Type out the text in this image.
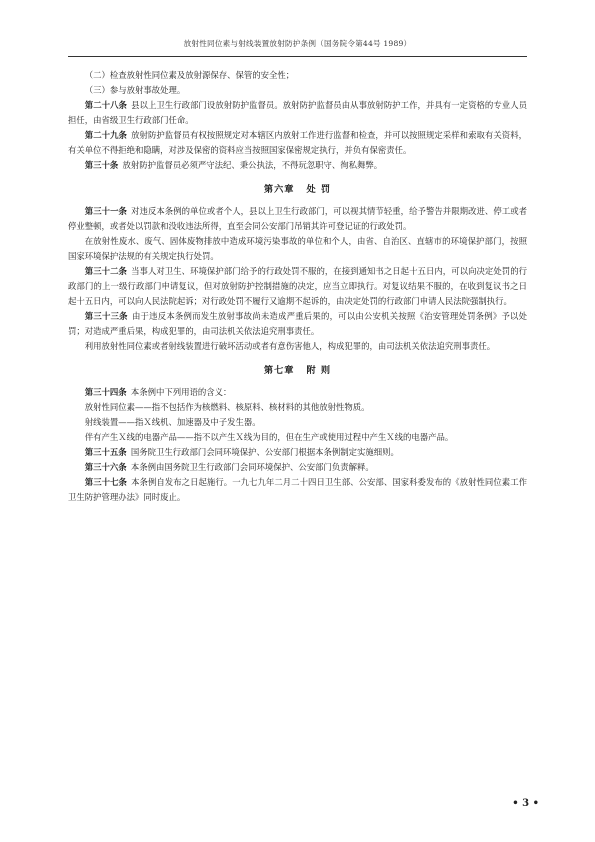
放射性同位素与射线装置放射防护条例（国务院令第44号 1989）

（二）检查放射性同位素及放射源保存、保管的安全性；

（三）参与放射事故处理。

第二十八条 县以上卫生行政部门设放射防护监督员。放射防护监督员由从事放射防护工作，并具有一定资格的专业人员担任，由省级卫生行政部门任命。

第二十九条 放射防护监督员有权按照规定对本辖区内放射工作进行监督和检查，并可以按照规定采样和索取有关资料，有关单位不得拒绝和隐瞒，对涉及保密的资料应当按照国家保密规定执行，并负有保密责任。

第三十条 放射防护监督员必须严守法纪、秉公执法，不得玩忽职守、徇私舞弊。

第六章 处 罚

第三十一条 对违反本条例的单位或者个人，县以上卫生行政部门，可以视其情节轻重，给予警告并限期改进、停工或者停业整顿，或者处以罚款和没收违法所得，直至会同公安部门吊销其许可登记证的行政处罚。

在放射性废水、废气、固体废物排放中造成环境污染事故的单位和个人，由省、自治区、直辖市的环境保护部门，按照国家环境保护法规的有关规定执行处罚。

第三十二条 当事人对卫生、环境保护部门给予的行政处罚不服的，在接到通知书之日起十五日内，可以向决定处罚的行政部门的上一级行政部门申请复议，但对放射防护控制措施的决定，应当立即执行。对复议结果不服的，在收到复议书之日起十五日内，可以向人民法院起诉；对行政处罚不履行又逾期不起诉的，由决定处罚的行政部门申请人民法院强制执行。

第三十三条 由于违反本条例而发生放射事故尚未造成严重后果的，可以由公安机关按照《治安管理处罚条例》予以处罚；对造成严重后果，构成犯罪的，由司法机关依法追究刑事责任。

利用放射性同位素或者射线装置进行破坏活动或者有意伤害他人，构成犯罪的，由司法机关依法追究刑事责任。

第七章 附 则

第三十四条 本条例中下列用语的含义：

放射性同位素——指不包括作为核燃料、核原料、核材料的其他放射性物质。

射线装置——指Ｘ线机、加速器及中子发生器。

伴有产生Ｘ线的电器产品——指不以产生Ｘ线为目的，但在生产或使用过程中产生Ｘ线的电器产品。

第三十五条 国务院卫生行政部门会同环境保护、公安部门根据本条例制定实施细则。

第三十六条 本条例由国务院卫生行政部门会同环境保护、公安部门负责解释。

第三十七条 本条例自发布之日起施行。一九七九年二月二十四日卫生部、公安部、国家科委发布的《放射性同位素工作卫生防护管理办法》同时废止。

• 3 •
